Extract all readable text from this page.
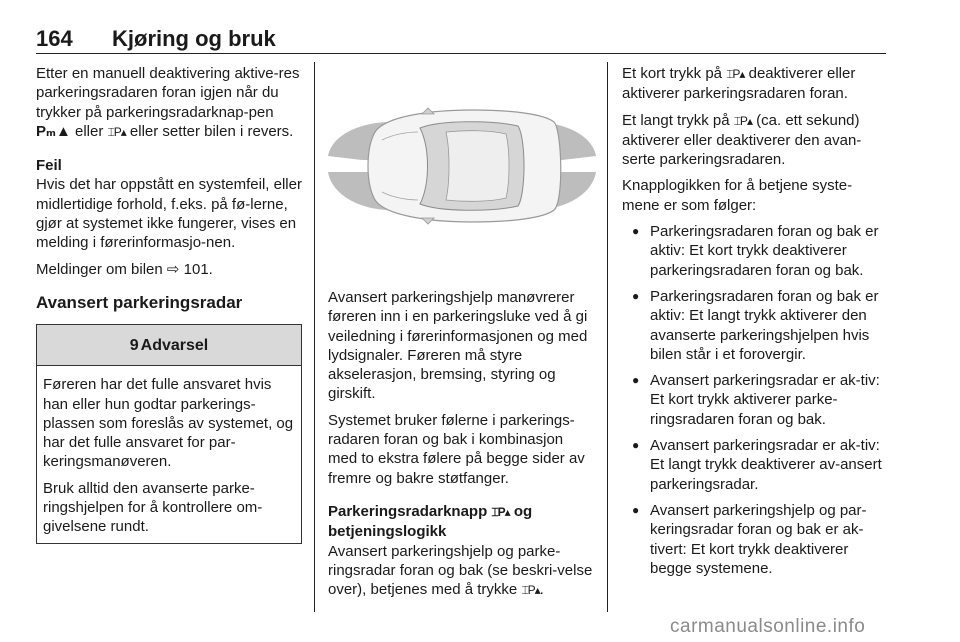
164 Kjøring og bruk

Etter en manuell deaktivering aktive-res parkeringsradaren foran igjen når du trykker på parkeringsradarknap-pen Pₘ▲ eller ⌶P▴ eller setter bilen i revers.

Feil

Hvis det har oppstått en systemfeil, eller midlertidige forhold, f.eks. på fø-lerne, gjør at systemet ikke fungerer, vises en melding i førerinformasjo-nen.

Meldinger om bilen ⇨ 101.

Avansert parkeringsradar

9 Advarsel

Føreren har det fulle ansvaret hvis han eller hun godtar parkerings-plassen som foreslås av systemet, og har det fulle ansvaret for par-keringsmanøveren.

Bruk alltid den avanserte parke-ringshjelpen for å kontrollere om-givelsene rundt.

Avansert parkeringshjelp manøvrerer føreren inn i en parkeringsluke ved å gi veiledning i førerinformasjonen og med lydsignaler. Føreren må styre akselerasjon, bremsing, styring og girskift.

Systemet bruker følerne i parkerings-radaren foran og bak i kombinasjon med to ekstra følere på begge sider av fremre og bakre støtfanger.

Parkeringsradarknapp ⌶P▴ og betjeningslogikk

Avansert parkeringshjelp og parke-ringsradar foran og bak (se beskri-velse over), betjenes med å trykke ⌶P▴.

Et kort trykk på ⌶P▴ deaktiverer eller aktiverer parkeringsradaren foran.

Et langt trykk på ⌶P▴ (ca. ett sekund) aktiverer eller deaktiverer den avan-serte parkeringsradaren.

Knapplogikken for å betjene syste-mene er som følger:

● Parkeringsradaren foran og bak er aktiv: Et kort trykk deaktiverer parkeringsradaren foran og bak.
● Parkeringsradaren foran og bak er aktiv: Et langt trykk aktiverer den avanserte parkeringshjelpen hvis bilen står i et forovergir.
● Avansert parkeringsradar er ak-tiv: Et kort trykk aktiverer parke-ringsradaren foran og bak.
● Avansert parkeringsradar er ak-tiv: Et langt trykk deaktiverer av-ansert parkeringsradar.
● Avansert parkeringshjelp og par-keringsradar foran og bak er ak-tivert: Et kort trykk deaktiverer begge systemene.
carmanualsonline.info
